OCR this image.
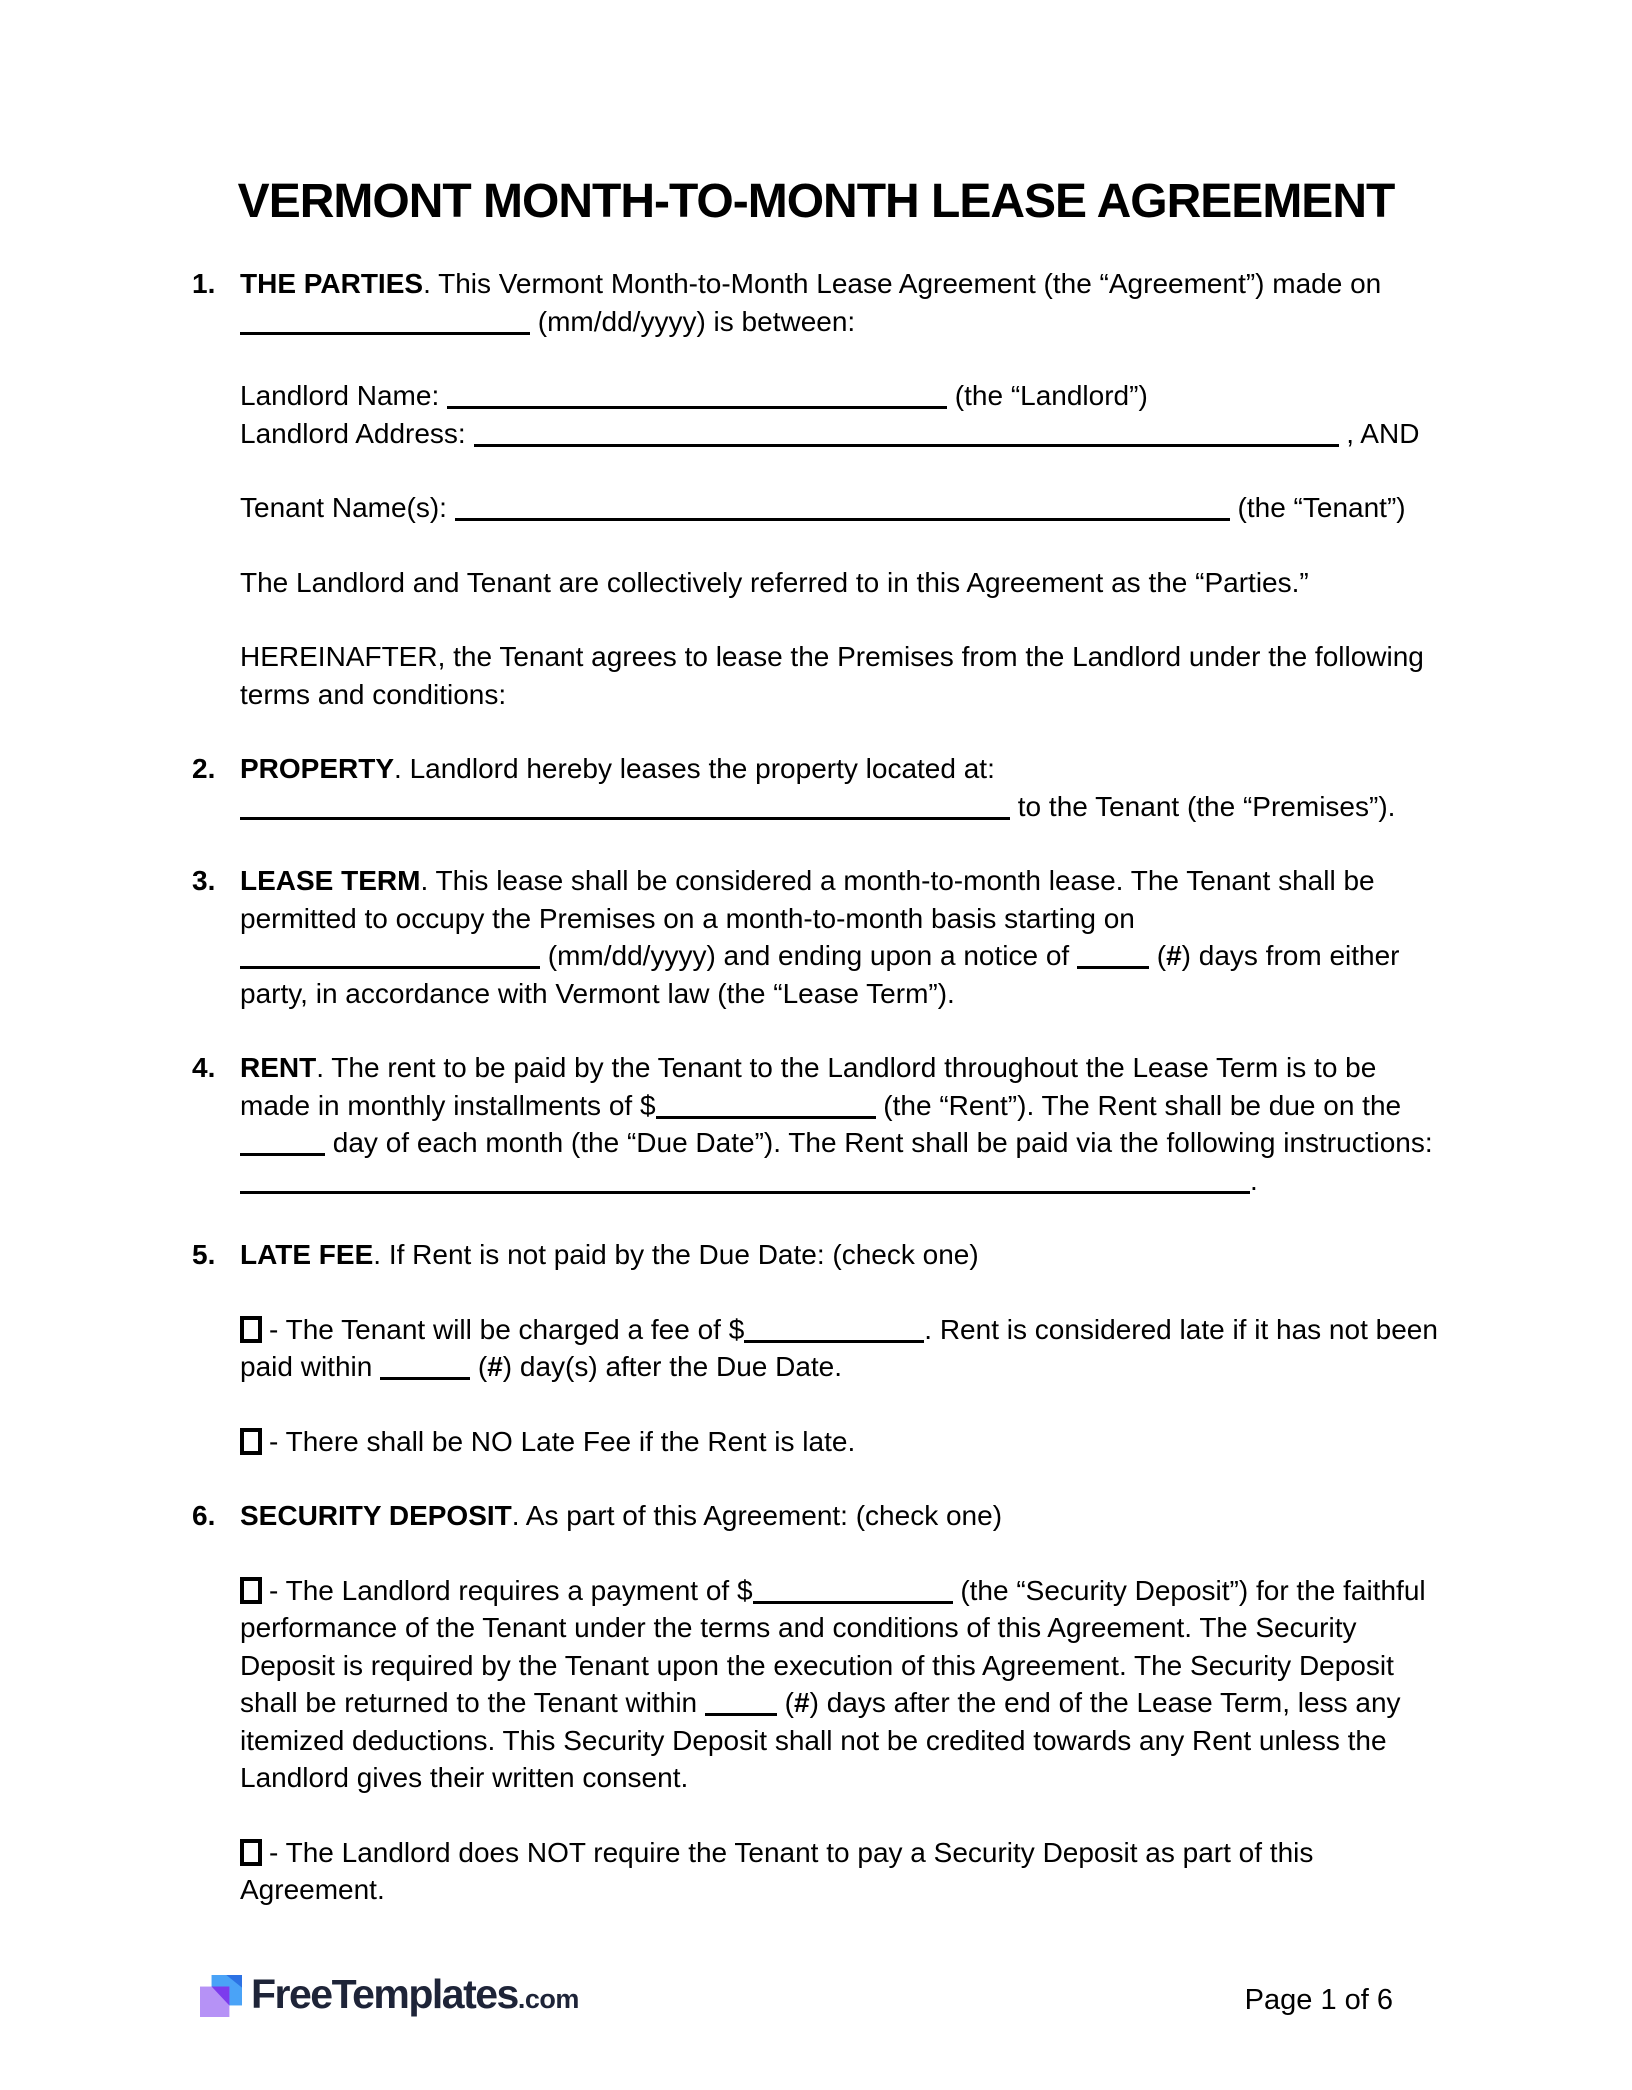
VERMONT MONTH-TO-MONTH LEASE AGREEMENT
1. THE PARTIES. This Vermont Month-to-Month Lease Agreement (the “Agreement”) made on  (mm/dd/yyyy) is between:

Landlord Name:	(the “Landlord”)
Landlord Address:	, AND

Tenant Name(s):	(the “Tenant”)

The Landlord and Tenant are collectively referred to in this Agreement as the “Parties.”

HEREINAFTER, the Tenant agrees to lease the Premises from the Landlord under the following terms and conditions:

2. PROPERTY. Landlord hereby leases the property located at:
to the Tenant (the “Premises”).

3. LEASE TERM. This lease shall be considered a month-to-month lease. The Tenant shall be permitted to occupy the Premises on a month-to-month basis starting on  (mm/dd/yyyy) and ending upon a notice of	(#) days from either party, in accordance with Vermont law (the “Lease Term”).

4. RENT. The rent to be paid by the Tenant to the Landlord throughout the Lease Term is to be made in monthly installments of $	(the “Rent”). The Rent shall be due on the  day of each month (the “Due Date”). The Rent shall be paid via the following instructions: .

5. LATE FEE. If Rent is not paid by the Due Date: (check one)

- The Tenant will be charged a fee of $	. Rent is considered late if it has not been paid within	(#) day(s) after the Due Date.

- There shall be NO Late Fee if the Rent is late.

6. SECURITY DEPOSIT. As part of this Agreement: (check one)

- The Landlord requires a payment of $	(the “Security Deposit”) for the faithful performance of the Tenant under the terms and conditions of this Agreement. The Security Deposit is required by the Tenant upon the execution of this Agreement. The Security Deposit shall be returned to the Tenant within	(#) days after the end of the Lease Term, less any itemized deductions. This Security Deposit shall not be credited towards any Rent unless the Landlord gives their written consent.

- The Landlord does NOT require the Tenant to pay a Security Deposit as part of this Agreement.

FreeTemplates.com	Page 1 of 6
